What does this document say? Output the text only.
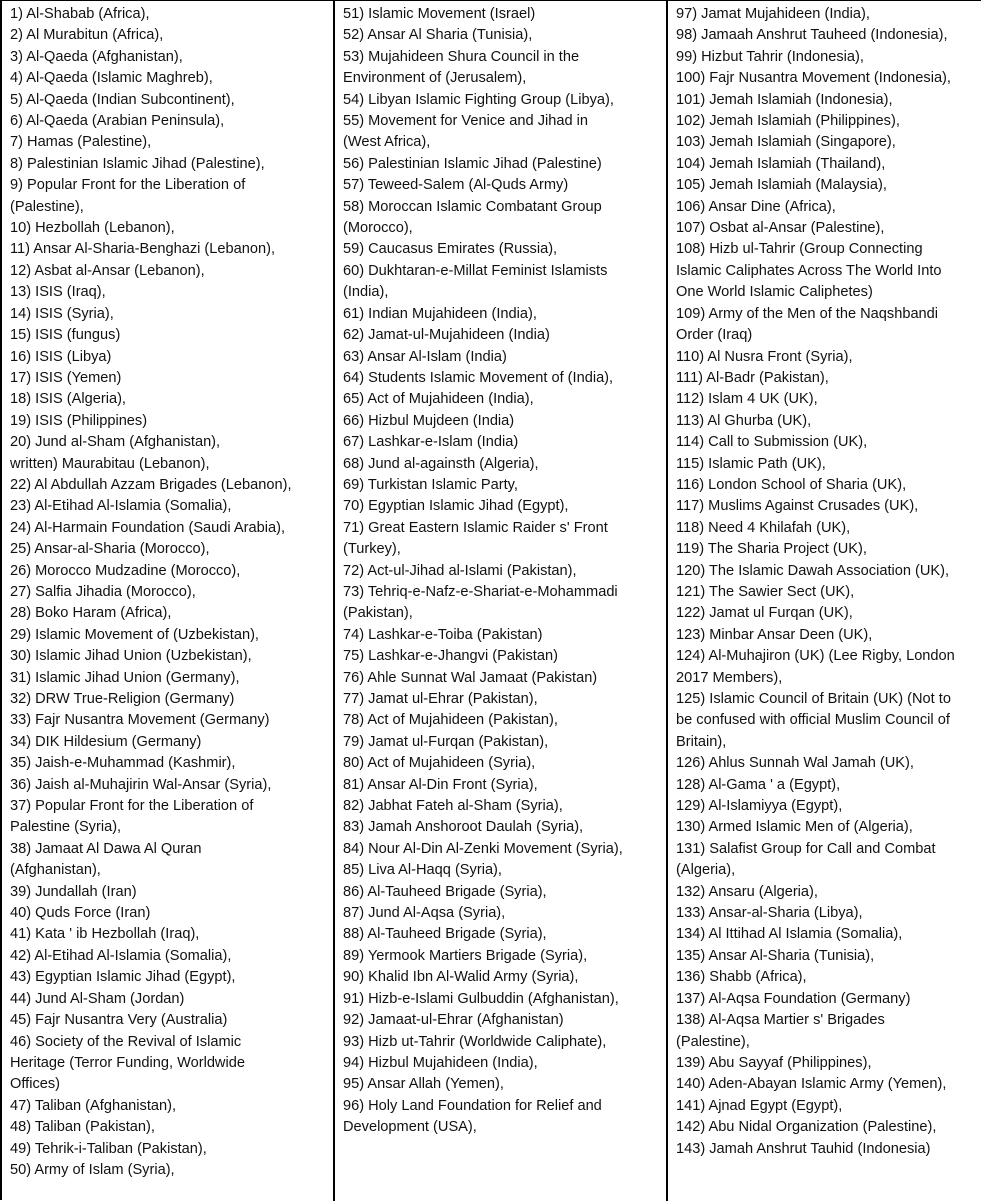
1) Al-Shabab (Africa),
2) Al Murabitun (Africa),
3) Al-Qaeda (Afghanistan),
4) Al-Qaeda (Islamic Maghreb),
5) Al-Qaeda (Indian Subcontinent),
6) Al-Qaeda (Arabian Peninsula),
7) Hamas (Palestine),
8) Palestinian Islamic Jihad (Palestine),
9) Popular Front for the Liberation of
(Palestine),
10) Hezbollah (Lebanon),
11) Ansar Al-Sharia-Benghazi (Lebanon),
12) Asbat al-Ansar (Lebanon),
13) ISIS (Iraq),
14) ISIS (Syria),
15) ISIS (fungus)
16) ISIS (Libya)
17) ISIS (Yemen)
18) ISIS (Algeria),
19) ISIS (Philippines)
20) Jund al-Sham (Afghanistan),
written) Maurabitau (Lebanon),
22) Al Abdullah Azzam Brigades (Lebanon),
23) Al-Etihad Al-Islamia (Somalia),
24) Al-Harmain Foundation (Saudi Arabia),
25) Ansar-al-Sharia (Morocco),
26) Morocco Mudzadine (Morocco),
27) Salfia Jihadia (Morocco),
28) Boko Haram (Africa),
29) Islamic Movement of (Uzbekistan),
30) Islamic Jihad Union (Uzbekistan),
31) Islamic Jihad Union (Germany),
32) DRW True-Religion (Germany)
33) Fajr Nusantra Movement (Germany)
34) DIK Hildesium (Germany)
35) Jaish-e-Muhammad (Kashmir),
36) Jaish al-Muhajirin Wal-Ansar (Syria),
37) Popular Front for the Liberation of
Palestine (Syria),
38) Jamaat Al Dawa Al Quran
(Afghanistan),
39) Jundallah (Iran)
40) Quds Force (Iran)
41) Kata ' ib Hezbollah (Iraq),
42) Al-Etihad Al-Islamia (Somalia),
43) Egyptian Islamic Jihad (Egypt),
44) Jund Al-Sham (Jordan)
45) Fajr Nusantra Very (Australia)
46) Society of the Revival of Islamic
Heritage (Terror Funding, Worldwide
Offices)
47) Taliban (Afghanistan),
48) Taliban (Pakistan),
49) Tehrik-i-Taliban (Pakistan),
50) Army of Islam (Syria),
51) Islamic Movement (Israel)
52) Ansar Al Sharia (Tunisia),
53) Mujahideen Shura Council in the
Environment of (Jerusalem),
54) Libyan Islamic Fighting Group (Libya),
55) Movement for Venice and Jihad in
(West Africa),
56) Palestinian Islamic Jihad (Palestine)
57) Teweed-Salem (Al-Quds Army)
58) Moroccan Islamic Combatant Group
(Morocco),
59) Caucasus Emirates (Russia),
60) Dukhtaran-e-Millat Feminist Islamists
(India),
61) Indian Mujahideen (India),
62) Jamat-ul-Mujahideen (India)
63) Ansar Al-Islam (India)
64) Students Islamic Movement of (India),
65) Act of Mujahideen (India),
66) Hizbul Mujdeen (India)
67) Lashkar-e-Islam (India)
68) Jund al-againsth (Algeria),
69) Turkistan Islamic Party,
70) Egyptian Islamic Jihad (Egypt),
71) Great Eastern Islamic Raider s' Front
(Turkey),
72) Act-ul-Jihad al-Islami (Pakistan),
73) Tehriq-e-Nafz-e-Shariat-e-Mohammadi
(Pakistan),
74) Lashkar-e-Toiba (Pakistan)
75) Lashkar-e-Jhangvi (Pakistan)
76) Ahle Sunnat Wal Jamaat (Pakistan)
77) Jamat ul-Ehrar (Pakistan),
78) Act of Mujahideen (Pakistan),
79) Jamat ul-Furqan (Pakistan),
80) Act of Mujahideen (Syria),
81) Ansar Al-Din Front (Syria),
82) Jabhat Fateh al-Sham (Syria),
83) Jamah Anshoroot Daulah (Syria),
84) Nour Al-Din Al-Zenki Movement (Syria),
85) Liva Al-Haqq (Syria),
86) Al-Tauheed Brigade (Syria),
87) Jund Al-Aqsa (Syria),
88) Al-Tauheed Brigade (Syria),
89) Yermook Martiers Brigade (Syria),
90) Khalid Ibn Al-Walid Army (Syria),
91) Hizb-e-Islami Gulbuddin (Afghanistan),
92) Jamaat-ul-Ehrar (Afghanistan)
93) Hizb ut-Tahrir (Worldwide Caliphate),
94) Hizbul Mujahideen (India),
95) Ansar Allah (Yemen),
96) Holy Land Foundation for Relief and
Development (USA),
97) Jamat Mujahideen (India),
98) Jamaah Anshrut Tauheed (Indonesia),
99) Hizbut Tahrir (Indonesia),
100) Fajr Nusantra Movement (Indonesia),
101) Jemah Islamiah (Indonesia),
102) Jemah Islamiah (Philippines),
103) Jemah Islamiah (Singapore),
104) Jemah Islamiah (Thailand),
105) Jemah Islamiah (Malaysia),
106) Ansar Dine (Africa),
107) Osbat al-Ansar (Palestine),
108) Hizb ul-Tahrir (Group Connecting
Islamic Caliphates Across The World Into
One World Islamic Caliphetes)
109) Army of the Men of the Naqshbandi
Order (Iraq)
110) Al Nusra Front (Syria),
111) Al-Badr (Pakistan),
112) Islam 4 UK (UK),
113) Al Ghurba (UK),
114) Call to Submission (UK),
115) Islamic Path (UK),
116) London School of Sharia (UK),
117) Muslims Against Crusades (UK),
118) Need 4 Khilafah (UK),
119) The Sharia Project (UK),
120) The Islamic Dawah Association (UK),
121) The Sawier Sect (UK),
122) Jamat ul Furqan (UK),
123) Minbar Ansar Deen (UK),
124) Al-Muhajiron (UK) (Lee Rigby, London
2017 Members),
125) Islamic Council of Britain (UK) (Not to
be confused with official Muslim Council of
Britain),
126) Ahlus Sunnah Wal Jamah (UK),
128) Al-Gama ' a (Egypt),
129) Al-Islamiyya (Egypt),
130) Armed Islamic Men of (Algeria),
131) Salafist Group for Call and Combat
(Algeria),
132) Ansaru (Algeria),
133) Ansar-al-Sharia (Libya),
134) Al Ittihad Al Islamia (Somalia),
135) Ansar Al-Sharia (Tunisia),
136) Shabb (Africa),
137) Al-Aqsa Foundation (Germany)
138) Al-Aqsa Martier s' Brigades
(Palestine),
139) Abu Sayyaf (Philippines),
140) Aden-Abayan Islamic Army (Yemen),
141) Ajnad Egypt (Egypt),
142) Abu Nidal Organization (Palestine),
143) Jamah Anshrut Tauhid (Indonesia)
